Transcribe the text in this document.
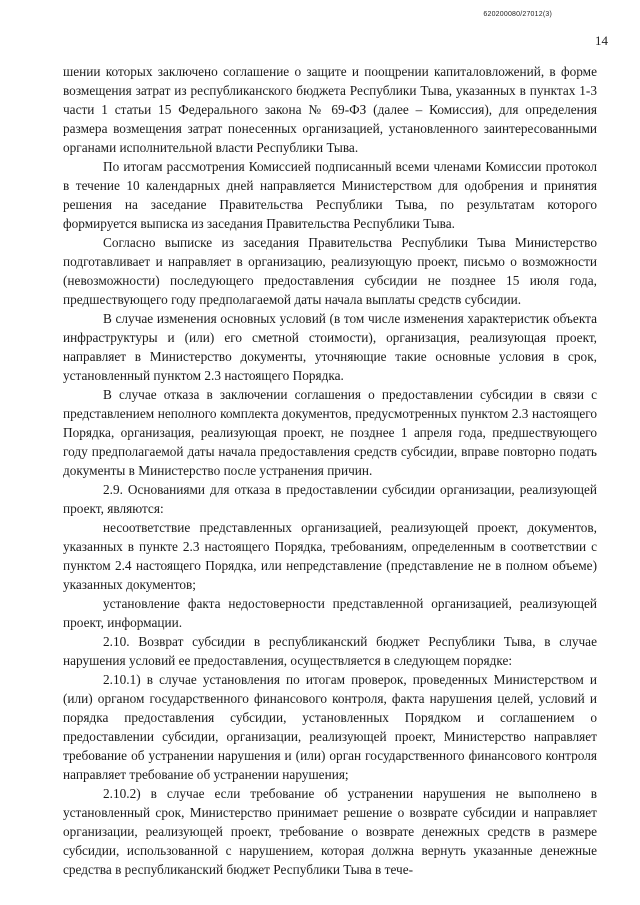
620200080/27012(3)
14

шении которых заключено соглашение о защите и поощрении капиталовложений, в форме возмещения затрат из республиканского бюджета Республики Тыва, указанных в пунктах 1-3 части 1 статьи 15 Федерального закона № 69-ФЗ (далее – Комиссия), для определения размера возмещения затрат понесенных организацией, установленного заинтересованными органами исполнительной власти Республики Тыва.

По итогам рассмотрения Комиссией подписанный всеми членами Комиссии протокол в течение 10 календарных дней направляется Министерством для одобрения и принятия решения на заседание Правительства Республики Тыва, по результатам которого формируется выписка из заседания Правительства Республики Тыва.

Согласно выписке из заседания Правительства Республики Тыва Министерство подготавливает и направляет в организацию, реализующую проект, письмо о возможности (невозможности) последующего предоставления субсидии не позднее 15 июля года, предшествующего году предполагаемой даты начала выплаты средств субсидии.

В случае изменения основных условий (в том числе изменения характеристик объекта инфраструктуры и (или) его сметной стоимости), организация, реализующая проект, направляет в Министерство документы, уточняющие такие основные условия в срок, установленный пунктом 2.3 настоящего Порядка.

В случае отказа в заключении соглашения о предоставлении субсидии в связи с представлением неполного комплекта документов, предусмотренных пунктом 2.3 настоящего Порядка, организация, реализующая проект, не позднее 1 апреля года, предшествующего году предполагаемой даты начала предоставления средств субсидии, вправе повторно подать документы в Министерство после устранения причин.

2.9. Основаниями для отказа в предоставлении субсидии организации, реализующей проект, являются:

несоответствие представленных организацией, реализующей проект, документов, указанных в пункте 2.3 настоящего Порядка, требованиям, определенным в соответствии с пунктом 2.4 настоящего Порядка, или непредставление (представление не в полном объеме) указанных документов;

установление факта недостоверности представленной организацией, реализующей проект, информации.

2.10. Возврат субсидии в республиканский бюджет Республики Тыва, в случае нарушения условий ее предоставления, осуществляется в следующем порядке:

2.10.1) в случае установления по итогам проверок, проведенных Министерством и (или) органом государственного финансового контроля, факта нарушения целей, условий и порядка предоставления субсидии, установленных Порядком и соглашением о предоставлении субсидии, организации, реализующей проект, Министерство направляет требование об устранении нарушения и (или) орган государственного финансового контроля направляет требование об устранении нарушения;

2.10.2) в случае если требование об устранении нарушения не выполнено в установленный срок, Министерство принимает решение о возврате субсидии и направляет организации, реализующей проект, требование о возврате денежных средств в размере субсидии, использованной с нарушением, которая должна вернуть указанные денежные средства в республиканский бюджет Республики Тыва в тече-
